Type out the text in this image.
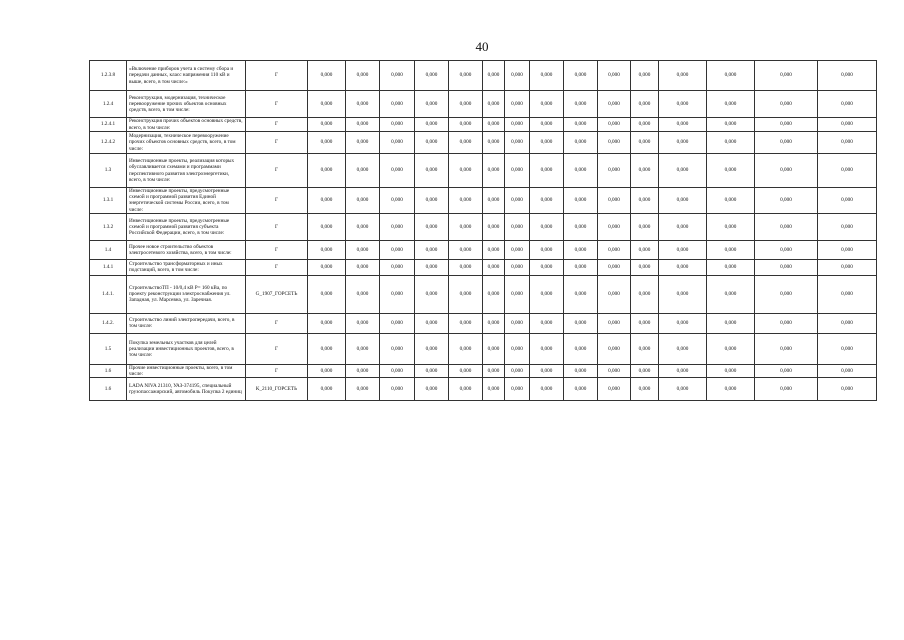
40
1.2.3.8	«Включение приборов учета в систему сбора и передачи данных, класс напряжения 110 кВ и выше, всего, в том числе:»	Г	0,000	0,000	0,000	0,000	0,000	0,000	0,000	0,000	0,000	0,000	0,000	0,000	0,000	0,000	0,000
1.2.4	Реконструкция, модернизация, техническое перевооружение прочих объектов основных средств, всего, в том числе:	Г	0,000	0,000	0,000	0,000	0,000	0,000	0,000	0,000	0,000	0,000	0,000	0,000	0,000	0,000	0,000
1.2.4.1	Реконструкция прочих объектов основных средств, всего, в том числе:	Г	0,000	0,000	0,000	0,000	0,000	0,000	0,000	0,000	0,000	0,000	0,000	0,000	0,000	0,000	0,000
1.2.4.2	Модернизация, техническое перевооружение прочих объектов основных средств, всего, в том числе:	Г	0,000	0,000	0,000	0,000	0,000	0,000	0,000	0,000	0,000	0,000	0,000	0,000	0,000	0,000	0,000
1.3	Инвестиционные проекты, реализация которых обуславливается схемами и программами перспективного развития электроэнергетики, всего, в том числе:	Г	0,000	0,000	0,000	0,000	0,000	0,000	0,000	0,000	0,000	0,000	0,000	0,000	0,000	0,000	0,000
1.3.1	Инвестиционные проекты, предусмотренные схемой и программой развития Единой энергетической системы России, всего, в том числе:	Г	0,000	0,000	0,000	0,000	0,000	0,000	0,000	0,000	0,000	0,000	0,000	0,000	0,000	0,000	0,000
1.3.2	Инвестиционные проекты, предусмотренные схемой и программой развития субъекта Российской Федерации, всего, в том числе:	Г	0,000	0,000	0,000	0,000	0,000	0,000	0,000	0,000	0,000	0,000	0,000	0,000	0,000	0,000	0,000
1.4	Прочее новое строительство объектов электросетевого хозяйства, всего, в том числе:	Г	0,000	0,000	0,000	0,000	0,000	0,000	0,000	0,000	0,000	0,000	0,000	0,000	0,000	0,000	0,000
1.4.1	Строительство трансформаторных и иных подстанций, всего, в том числе:	Г	0,000	0,000	0,000	0,000	0,000	0,000	0,000	0,000	0,000	0,000	0,000	0,000	0,000	0,000	0,000
1.4.1.	СтроительствоТП - 10/0,4 кВ Р= 160 кВа, по проекту реконструкции электроснабжения ул. Западная, ул. Марсевна, ул. Заречная.	G_1907_ГОРСЕТЬ	0,000	0,000	0,000	0,000	0,000	0,000	0,000	0,000	0,000	0,000	0,000	0,000	0,000	0,000	0,000
1.4.2.	Строительство линий электропередачи, всего, в том числе:	Г	0,000	0,000	0,000	0,000	0,000	0,000	0,000	0,000	0,000	0,000	0,000	0,000	0,000	0,000	0,000
1.5	Покупка земельных участков для целей реализации инвестиционных проектов, всего, в том числе:	Г	0,000	0,000	0,000	0,000	0,000	0,000	0,000	0,000	0,000	0,000	0,000	0,000	0,000	0,000	0,000
1.6	Прочие инвестиционные проекты, всего, в том числе:	Г	0,000	0,000	0,000	0,000	0,000	0,000	0,000	0,000	0,000	0,000	0,000	0,000	0,000	0,000	0,000
1.6	LADA NIVA 21310, УАЗ-374195, специальный грузопассажирский, автомобиль Покупка 2 единиц	К_2110_ГОРСЕТЬ	0,000	0,000	0,000	0,000	0,000	0,000	0,000	0,000	0,000	0,000	0,000	0,000	0,000	0,000	0,000
